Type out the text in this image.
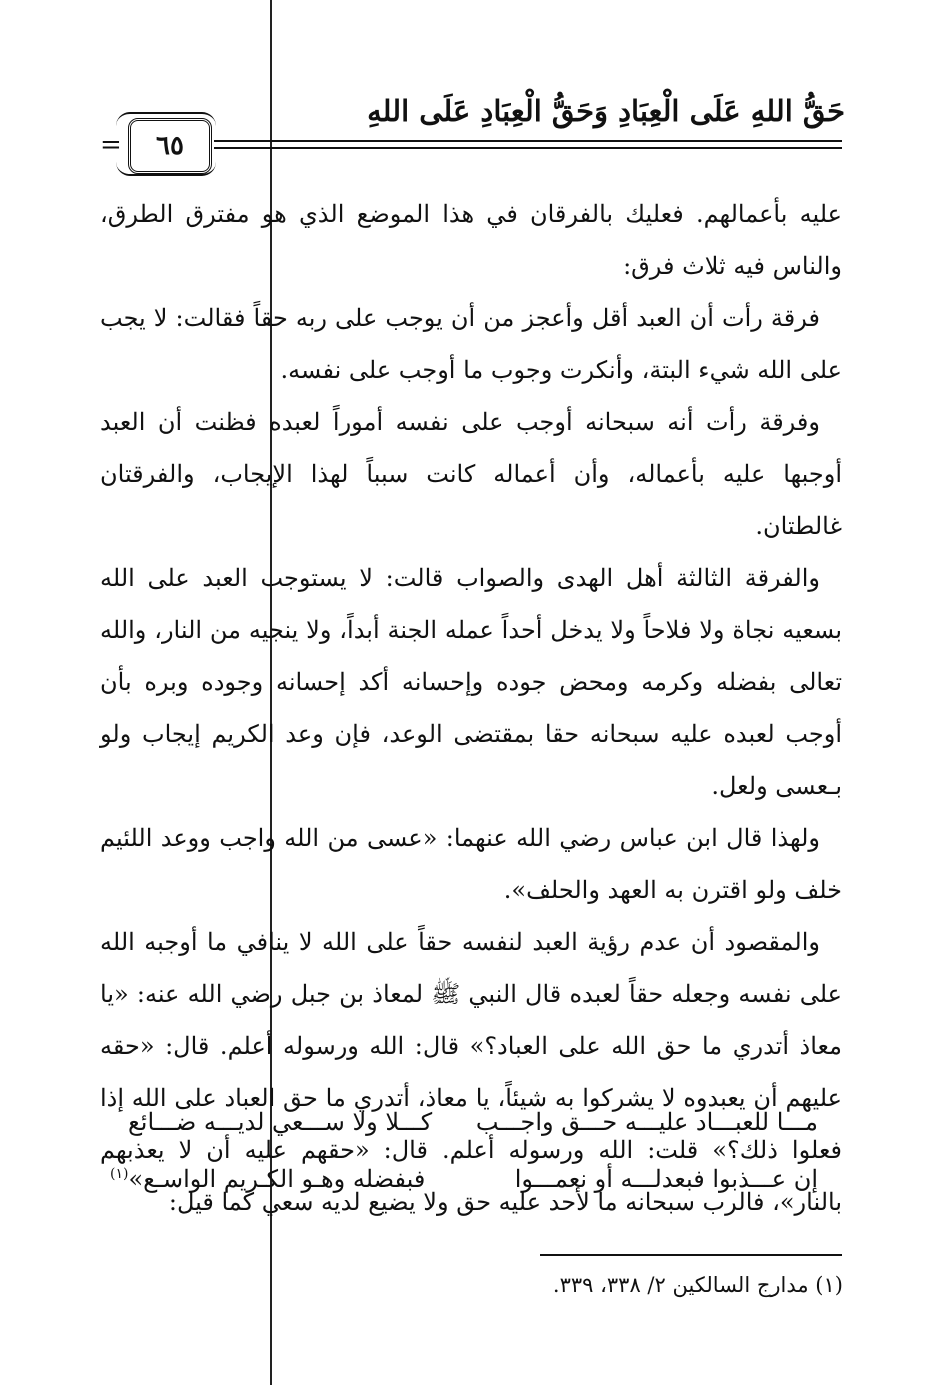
حَقُّ اللهِ عَلَى الْعِبَادِ وَحَقُّ الْعِبَادِ عَلَى اللهِ
=	٦٥

عليه بأعمالهم. فعليك بالفرقان في هذا الموضع الذي هو مفترق الطرق، والناس فيه ثلاث فرق:

فرقة رأت أن العبد أقل وأعجز من أن يوجب على ربه حقاً فقالت: لا يجب على الله شيء البتة، وأنكرت وجوب ما أوجب على نفسه.

وفرقة رأت أنه سبحانه أوجب على نفسه أموراً لعبده فظنت أن العبد أوجبها عليه بأعماله، وأن أعماله كانت سبباً لهذا الإيجاب، والفرقتان غالطتان.

والفرقة الثالثة أهل الهدى والصواب قالت: لا يستوجب العبد على الله بسعيه نجاة ولا فلاحاً ولا يدخل أحداً عمله الجنة أبداً، ولا ينجيه من النار، والله تعالى بفضله وكرمه ومحض جوده وإحسانه أكد إحسانه وجوده وبره بأن أوجب لعبده عليه سبحانه حقا بمقتضى الوعد، فإن وعد الكريم إيجاب ولو بـعسى ولعل.

ولهذا قال ابن عباس رضي الله عنهما: «عسى من الله واجب ووعد اللئيم خلف ولو اقترن به العهد والحلف».

والمقصود أن عدم رؤية العبد لنفسه حقاً على الله لا ينافي ما أوجبه الله على نفسه وجعله حقاً لعبده قال النبي ﷺ لمعاذ بن جبل رضي الله عنه: «يا معاذ أتدري ما حق الله على العباد؟» قال: الله ورسوله أعلم. قال: «حقه عليهم أن يعبدوه لا يشركوا به شيئاً، يا معاذ، أتدري ما حق العباد على الله إذا فعلوا ذلك؟» قلت: الله ورسوله أعلم. قال: «حقهم عليه أن لا يعذبهم بالنار»، فالرب سبحانه ما لأحد عليه حق ولا يضيع لديه سعي كما قيل:

مـــا للعبـــاد عليـــه حـــق واجـــب
كـــلا ولا ســـعي لديـــه ضـــائع
إن عـــذبوا فبعدلـــه أو نعمـــوا
فبفضله وهـو الكـريم الواسـع»$^{(١)}$
(١) مدارج السالكين ٢/ ٣٣٨، ٣٣٩.
